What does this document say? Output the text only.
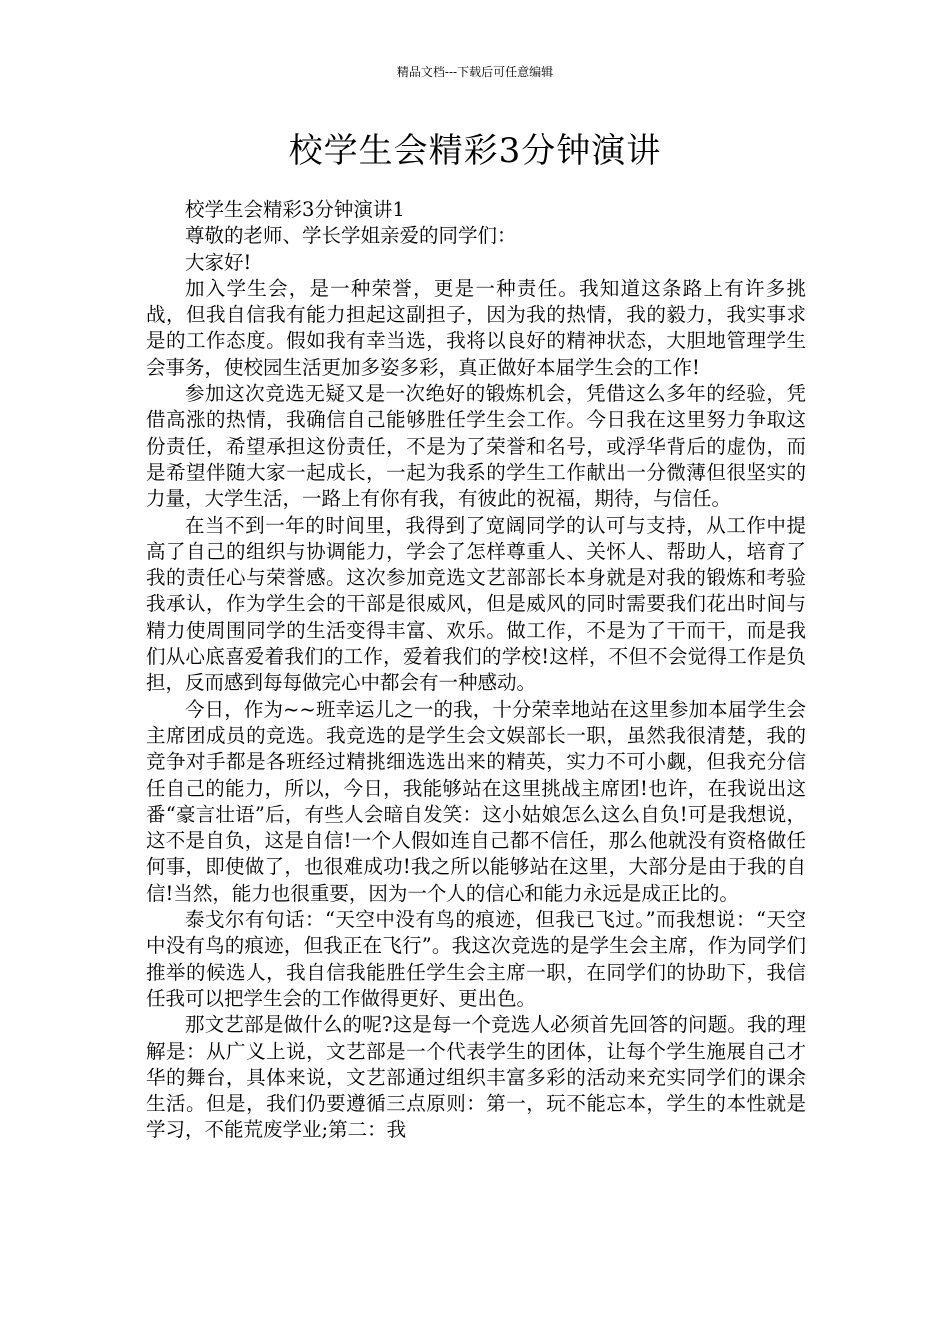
精品文档---下载后可任意编辑
校学生会精彩3分钟演讲

校学生会精彩3分钟演讲1

尊敬的老师、学长学姐亲爱的同学们：

大家好!

加入学生会，是一种荣誉，更是一种责任。我知道这条路上有许多挑战，但我自信我有能力担起这副担子，因为我的热情，我的毅力，我实事求是的工作态度。假如我有幸当选，我将以良好的精神状态，大胆地管理学生会事务，使校园生活更加多姿多彩，真正做好本届学生会的工作!

参加这次竞选无疑又是一次绝好的锻炼机会，凭借这么多年的经验，凭借高涨的热情，我确信自己能够胜任学生会工作。今日我在这里努力争取这份责任，希望承担这份责任，不是为了荣誉和名号，或浮华背后的虚伪，而是希望伴随大家一起成长，一起为我系的学生工作献出一分微薄但很坚实的力量，大学生活，一路上有你有我，有彼此的祝福，期待，与信任。

在当不到一年的时间里，我得到了宽阔同学的认可与支持，从工作中提高了自己的组织与协调能力，学会了怎样尊重人、关怀人、帮助人，培育了我的责任心与荣誉感。这次参加竞选文艺部部长本身就是对我的锻炼和考验我承认，作为学生会的干部是很威风，但是威风的同时需要我们花出时间与精力使周围同学的生活变得丰富、欢乐。做工作，不是为了干而干，而是我们从心底喜爱着我们的工作，爱着我们的学校!这样，不但不会觉得工作是负担，反而感到每每做完心中都会有一种感动。

今日，作为~~班幸运儿之一的我，十分荣幸地站在这里参加本届学生会主席团成员的竞选。我竞选的是学生会文娱部长一职，虽然我很清楚，我的竞争对手都是各班经过精挑细选选出来的精英，实力不可小觑，但我充分信任自己的能力，所以，今日，我能够站在这里挑战主席团!也许，在我说出这番“豪言壮语”后，有些人会暗自发笑：这小姑娘怎么这么自负!可是我想说，这不是自负，这是自信!一个人假如连自己都不信任，那么他就没有资格做任何事，即使做了，也很难成功!我之所以能够站在这里，大部分是由于我的自信!当然，能力也很重要，因为一个人的信心和能力永远是成正比的。

泰戈尔有句话：“天空中没有鸟的痕迹，但我已飞过。”而我想说：“天空中没有鸟的痕迹，但我正在飞行”。我这次竞选的是学生会主席，作为同学们推举的候选人，我自信我能胜任学生会主席一职，在同学们的协助下，我信任我可以把学生会的工作做得更好、更出色。

那文艺部是做什么的呢?这是每一个竞选人必须首先回答的问题。我的理解是：从广义上说，文艺部是一个代表学生的团体，让每个学生施展自己才华的舞台，具体来说，文艺部通过组织丰富多彩的活动来充实同学们的课余生活。但是，我们仍要遵循三点原则：第一，玩不能忘本，学生的本性就是学习，不能荒废学业;第二：我
